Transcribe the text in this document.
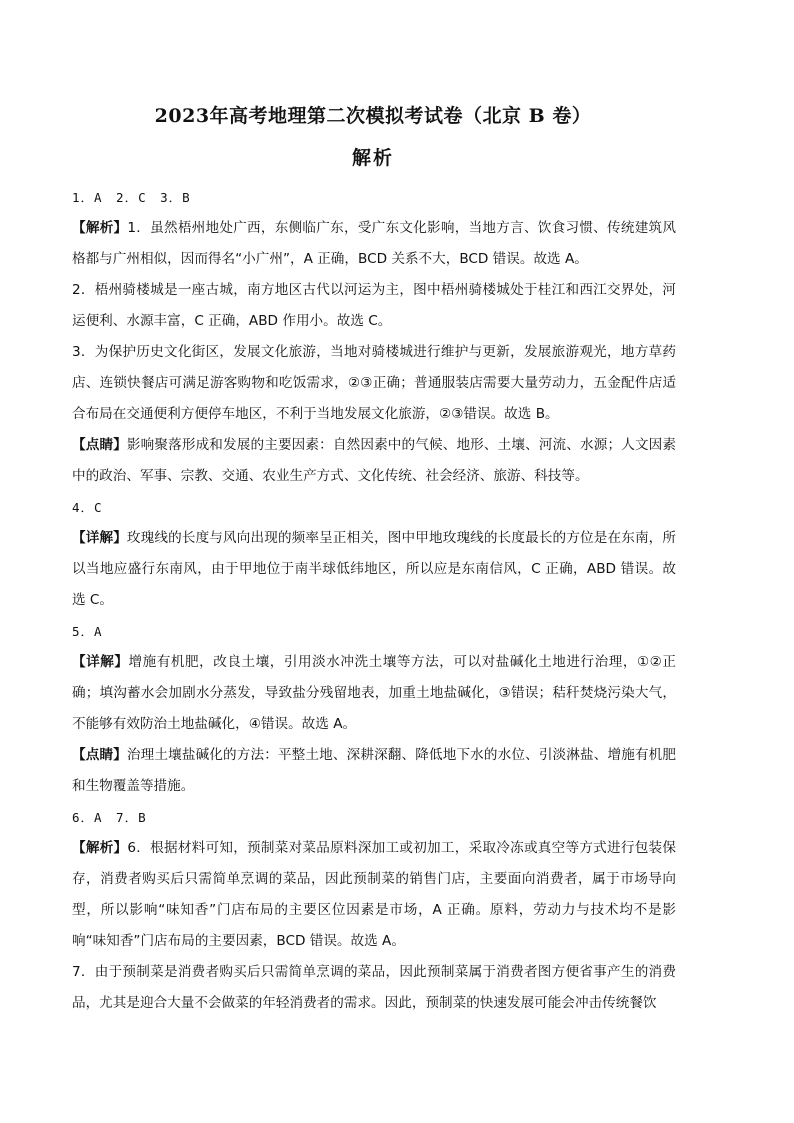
2023年高考地理第二次模拟考试卷（北京 B 卷）
解析

1．A　2．C　3．B

【解析】1．虽然梧州地处广西，东侧临广东，受广东文化影响，当地方言、饮食习惯、传统建筑风格都与广州相似，因而得名“小广州”，A 正确，BCD 关系不大，BCD 错误。故选 A。

2．梧州骑楼城是一座古城，南方地区古代以河运为主，图中梧州骑楼城处于桂江和西江交界处，河运便利、水源丰富，C 正确，ABD 作用小。故选 C。

3．为保护历史文化街区，发展文化旅游，当地对骑楼城进行维护与更新，发展旅游观光，地方草药店、连锁快餐店可满足游客购物和吃饭需求，②③正确；普通服装店需要大量劳动力，五金配件店适合布局在交通便利方便停车地区，不利于当地发展文化旅游，②③错误。故选 B。

【点睛】影响聚落形成和发展的主要因素：自然因素中的气候、地形、土壤、河流、水源；人文因素中的政治、军事、宗教、交通、农业生产方式、文化传统、社会经济、旅游、科技等。

4．C

【详解】玫瑰线的长度与风向出现的频率呈正相关，图中甲地玫瑰线的长度最长的方位是在东南，所以当地应盛行东南风，由于甲地位于南半球低纬地区，所以应是东南信风，C 正确，ABD 错误。故选 C。

5．A

【详解】增施有机肥，改良土壤，引用淡水冲洗土壤等方法，可以对盐碱化土地进行治理，①②正确；填沟蓄水会加剧水分蒸发，导致盐分残留地表，加重土地盐碱化，③错误；秸秆焚烧污染大气，不能够有效防治土地盐碱化，④错误。故选 A。

【点睛】治理土壤盐碱化的方法：平整土地、深耕深翻、降低地下水的水位、引淡淋盐、增施有机肥和生物覆盖等措施。

6．A　7．B

【解析】6．根据材料可知，预制菜对菜品原料深加工或初加工，采取冷冻或真空等方式进行包装保存，消费者购买后只需简单烹调的菜品，因此预制菜的销售门店，主要面向消费者，属于市场导向型，所以影响“味知香”门店布局的主要区位因素是市场，A 正确。原料，劳动力与技术均不是影响“味知香”门店布局的主要因素，BCD 错误。故选 A。

7．由于预制菜是消费者购买后只需简单烹调的菜品，因此预制菜属于消费者图方便省事产生的消费品，尤其是迎合大量不会做菜的年轻消费者的需求。因此，预制菜的快速发展可能会冲击传统餐饮
